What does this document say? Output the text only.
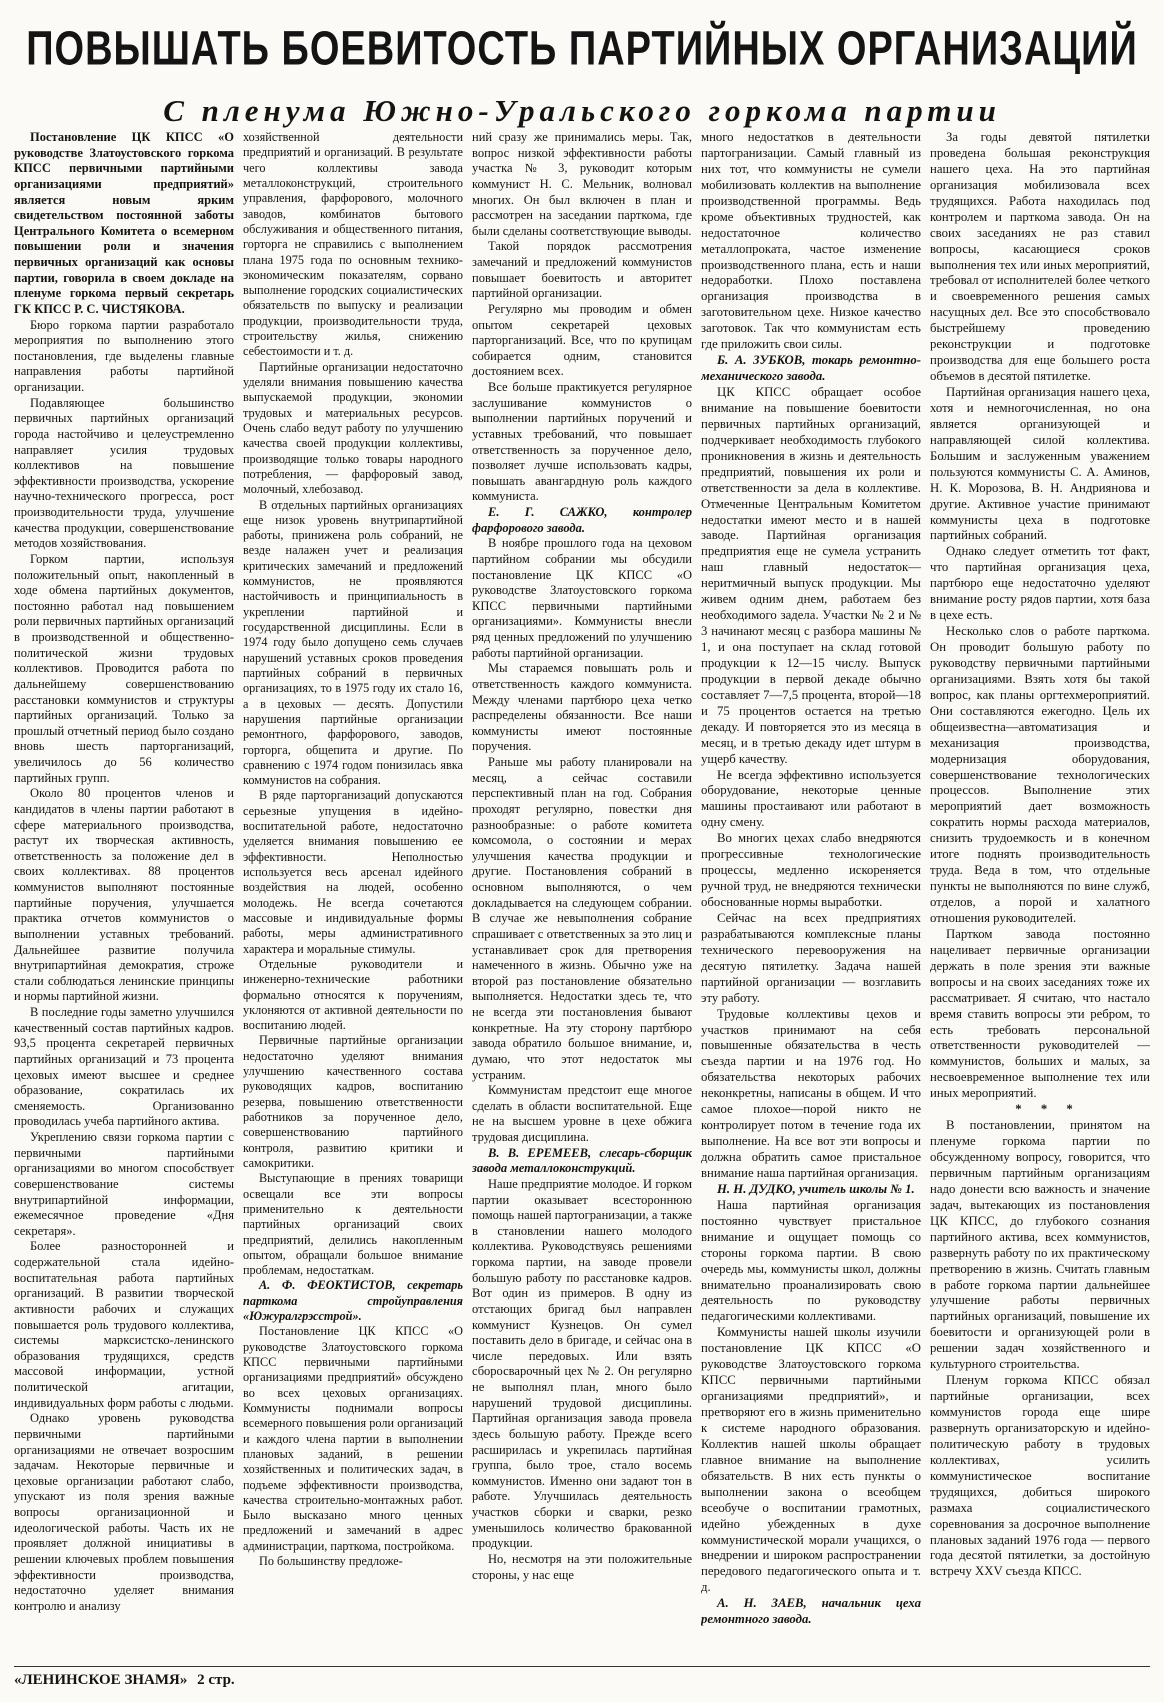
ПОВЫШАТЬ БОЕВИТОСТЬ ПАРТИЙНЫХ ОРГАНИЗАЦИЙ
С пленума Южно-Уральского горкома партии

Постановление ЦК КПСС «О руководстве Златоустовского горкома КПСС первичными партийными организациями предприятий» является новым ярким свидетельством постоянной заботы Центрального Комитета о всемерном повышении роли и значения первичных организаций как основы партии, говорила в своем докладе на пленуме горкома первый секретарь ГК КПСС Р. С. ЧИСТЯКОВА.

Бюро горкома партии разработало мероприятия по выполнению этого постановления, где выделены главные направления работы партийной организации.

Подавляющее большинство первичных партийных организаций города настойчиво и целеустремленно направляет усилия трудовых коллективов на повышение эффективности производства, ускорение научно-технического прогресса, рост производительности труда, улучшение качества продукции, совершенствование методов хозяйствования.

Горком партии, используя положительный опыт, накопленный в ходе обмена партийных документов, постоянно работал над повышением роли первичных партийных организаций в производственной и общественно-политической жизни трудовых коллективов. Проводится работа по дальнейшему совершенствованию расстановки коммунистов и структуры партийных организаций. Только за прошлый отчетный период было создано вновь шесть парторганизаций, увеличилось до 56 количество партийных групп.

Около 80 процентов членов и кандидатов в члены партии работают в сфере материального производства, растут их творческая активность, ответственность за положение дел в своих коллективах. 88 процентов коммунистов выполняют постоянные партийные поручения, улучшается практика отчетов коммунистов о выполнении уставных требований. Дальнейшее развитие получила внутрипартийная демократия, строже стали соблюдаться ленинские принципы и нормы партийной жизни.

В последние годы заметно улучшился качественный состав партийных кадров. 93,5 процента секретарей первичных партийных организаций и 73 процента цеховых имеют высшее и среднее образование, сократилась их сменяемость. Организованно проводилась учеба партийного актива.

Укреплению связи горкома партии с первичными партийными организациями во многом способствует совершенствование системы внутрипартийной информации, ежемесячное проведение «Дня секретаря».

Более разносторонней и содержательной стала идейно-воспитательная работа партийных организаций. В развитии творческой активности рабочих и служащих повышается роль трудового коллектива, системы марксистско-ленинского образования трудящихся, средств массовой информации, устной политической агитации, индивидуальных форм работы с людьми.

Однако уровень руководства первичными партийными организациями не отвечает возросшим задачам. Некоторые первичные и цеховые организации работают слабо, упускают из поля зрения важные вопросы организационной и идеологической работы. Часть их не проявляет должной инициативы в решении ключевых проблем повышения эффективности производства, недостаточно уделяет внимания контролю и анализу

хозяйственной деятельности предприятий и организаций. В результате чего коллективы завода металлоконструкций, строительного управления, фарфорового, молочного заводов, комбинатов бытового обслуживания и общественного питания, горторга не справились с выполнением плана 1975 года по основным технико-экономическим показателям, сорвано выполнение городских социалистических обязательств по выпуску и реализации продукции, производительности труда, строительству жилья, снижению себестоимости и т. д.

Партийные организации недостаточно уделяли внимания повышению качества выпускаемой продукции, экономии трудовых и материальных ресурсов. Очень слабо ведут работу по улучшению качества своей продукции коллективы, производящие только товары народного потребления, — фарфоровый завод, молочный, хлебозавод.

В отдельных партийных организациях еще низок уровень внутрипартийной работы, принижена роль собраний, не везде налажен учет и реализация критических замечаний и предложений коммунистов, не проявляются настойчивость и принципиальность в укреплении партийной и государственной дисциплины. Если в 1974 году было допущено семь случаев нарушений уставных сроков проведения партийных собраний в первичных организациях, то в 1975 году их стало 16, а в цеховых — десять. Допустили нарушения партийные организации ремонтного, фарфорового, заводов, горторга, общепита и другие. По сравнению с 1974 годом понизилась явка коммунистов на собрания.

В ряде парторганизаций допускаются серьезные упущения в идейно-воспитательной работе, недостаточно уделяется внимания повышению ее эффективности. Неполностью используется весь арсенал идейного воздействия на людей, особенно молодежь. Не всегда сочетаются массовые и индивидуальные формы работы, меры административного характера и моральные стимулы.

Отдельные руководители и инженерно-технические работники формально относятся к поручениям, уклоняются от активной деятельности по воспитанию людей.

Первичные партийные организации недостаточно уделяют внимания улучшению качественного состава руководящих кадров, воспитанию резерва, повышению ответственности работников за порученное дело, совершенствованию партийного контроля, развитию критики и самокритики.

Выступающие в прениях товарищи освещали все эти вопросы применительно к деятельности партийных организаций своих предприятий, делились накопленным опытом, обращали большое внимание проблемам, недостаткам.

А. Ф. ФЕОКТИСТОВ, секретарь парткома стройуправления «Южуралгрэсстрой».

Постановление ЦК КПСС «О руководстве Златоустовского горкома КПСС первичными партийными организациями предприятий» обсуждено во всех цеховых организациях. Коммунисты поднимали вопросы всемерного повышения роли организаций и каждого члена партии в выполнении плановых заданий, в решении хозяйственных и политических задач, в подъеме эффективности производства, качества строительно-монтажных работ. Было высказано много ценных предложений и замечаний в адрес администрации, парткома, постройкома.

По большинству предложе-

ний сразу же принимались меры. Так, вопрос низкой эффективности работы участка № 3, руководит которым коммунист Н. С. Мельник, волновал многих. Он был включен в план и рассмотрен на заседании парткома, где были сделаны соответствующие выводы.

Такой порядок рассмотрения замечаний и предложений коммунистов повышает боевитость и авторитет партийной организации.

Регулярно мы проводим и обмен опытом секретарей цеховых парторганизаций. Все, что по крупицам собирается одним, становится достоянием всех.

Все больше практикуется регулярное заслушивание коммунистов о выполнении партийных поручений и уставных требований, что повышает ответственность за порученное дело, позволяет лучше использовать кадры, повышать авангардную роль каждого коммуниста.

Е. Г. САЖКО, контролер фарфорового завода.

В ноябре прошлого года на цеховом партийном собрании мы обсудили постановление ЦК КПСС «О руководстве Златоустовского горкома КПСС первичными партийными организациями». Коммунисты внесли ряд ценных предложений по улучшению работы партийной организации.

Мы стараемся повышать роль и ответственность каждого коммуниста. Между членами партбюро цеха четко распределены обязанности. Все наши коммунисты имеют постоянные поручения.

Раньше мы работу планировали на месяц, а сейчас составили перспективный план на год. Собрания проходят регулярно, повестки дня разнообразные: о работе комитета комсомола, о состоянии и мерах улучшения качества продукции и другие. Постановления собраний в основном выполняются, о чем докладывается на следующем собрании. В случае же невыполнения собрание спрашивает с ответственных за это лиц и устанавливает срок для претворения намеченного в жизнь. Обычно уже на второй раз постановление обязательно выполняется. Недостатки здесь те, что не всегда эти постановления бывают конкретные. На эту сторону партбюро завода обратило большое внимание, и, думаю, что этот недостаток мы устраним.

Коммунистам предстоит еще многое сделать в области воспитательной. Еще не на высшем уровне в цехе обжига трудовая дисциплина.

В. В. ЕРЕМЕЕВ, слесарь-сборщик завода металлоконструкций.

Наше предприятие молодое. И горком партии оказывает всестороннюю помощь нашей партогранизации, а также в становлении нашего молодого коллектива. Руководствуясь решениями горкома партии, на заводе провели большую работу по расстановке кадров. Вот один из примеров. В одну из отстающих бригад был направлен коммунист Кузнецов. Он сумел поставить дело в бригаде, и сейчас она в числе передовых. Или взять сборосварочный цех № 2. Он регулярно не выполнял план, много было нарушений трудовой дисциплины. Партийная организация завода провела здесь большую работу. Прежде всего расширилась и укрепилась партийная группа, было трое, стало восемь коммунистов. Именно они задают тон в работе. Улучшилась деятельность участков сборки и сварки, резко уменьшилось количество бракованной продукции.

Но, несмотря на эти положительные стороны, у нас еще

много недостатков в деятельности партогранизации. Самый главный из них тот, что коммунисты не сумели мобилизовать коллектив на выполнение производственной программы. Ведь кроме объективных трудностей, как недостаточное количество металлопроката, частое изменение производственного плана, есть и наши недоработки. Плохо поставлена организация производства в заготовительном цехе. Низкое качество заготовок. Так что коммунистам есть где приложить свои силы.

Б. А. ЗУБКОВ, токарь ремонтно-механического завода.

ЦК КПСС обращает особое внимание на повышение боевитости первичных партийных организаций, подчеркивает необходимость глубокого проникновения в жизнь и деятельность предприятий, повышения их роли и ответственности за дела в коллективе. Отмеченные Центральным Комитетом недостатки имеют место и в нашей заводе. Партийная организация предприятия еще не сумела устранить наш главный недостаток—неритмичный выпуск продукции. Мы живем одним днем, работаем без необходимого задела. Участки № 2 и № 3 начинают месяц с разбора машины № 1, и она поступает на склад готовой продукции к 12—15 числу. Выпуск продукции в первой декаде обычно составляет 7—7,5 процента, второй—18 и 75 процентов остается на третью декаду. И повторяется это из месяца в месяц, и в третью декаду идет штурм в ущерб качеству.

Не всегда эффективно используется оборудование, некоторые ценные машины простаивают или работают в одну смену.

Во многих цехах слабо внедряются прогрессивные технологические процессы, медленно искореняется ручной труд, не внедряются технически обоснованные нормы выработки.

Сейчас на всех предприятиях разрабатываются комплексные планы технического перевооружения на десятую пятилетку. Задача нашей партийной организации — возглавить эту работу.

Трудовые коллективы цехов и участков принимают на себя повышенные обязательства в честь съезда партии и на 1976 год. Но обязательства некоторых рабочих неконкретны, написаны в общем. И что самое плохое—порой никто не контролирует потом в течение года их выполнение. На все вот эти вопросы и должна обратить самое пристальное внимание наша партийная организация.

Н. Н. ДУДКО, учитель школы № 1.

Наша партийная организация постоянно чувствует пристальное внимание и ощущает помощь со стороны горкома партии. В свою очередь мы, коммунисты школ, должны внимательно проанализировать свою деятельность по руководству педагогическими коллективами.

Коммунисты нашей школы изучили постановление ЦК КПСС «О руководстве Златоустовского горкома КПСС первичными партийными организациями предприятий», и претворяют его в жизнь применительно к системе народного образования. Коллектив нашей школы обращает главное внимание на выполнение обязательств. В них есть пункты о выполнении закона о всеобщем всеобуче о воспитании грамотных, идейно убежденных в духе коммунистической морали учащихся, о внедрении и широком распространении передового педагогического опыта и т. д.

А. Н. ЗАЕВ, начальник цеха ремонтного завода.

За годы девятой пятилетки проведена большая реконструкция нашего цеха. На это партийная организация мобилизовала всех трудящихся. Работа находилась под контролем и парткома завода. Он на своих заседаниях не раз ставил вопросы, касающиеся сроков выполнения тех или иных мероприятий, требовал от исполнителей более четкого и своевременного решения самых насущных дел. Все это способствовало быстрейшему проведению реконструкции и подготовке производства для еще большего роста объемов в десятой пятилетке.

Партийная организация нашего цеха, хотя и немногочисленная, но она является организующей и направляющей силой коллектива. Большим и заслуженным уважением пользуются коммунисты С. А. Аминов, Н. К. Морозова, В. Н. Андриянова и другие. Активное участие принимают коммунисты цеха в подготовке партийных собраний.

Однако следует отметить тот факт, что партийная организация цеха, партбюро еще недостаточно уделяют внимание росту рядов партии, хотя база в цехе есть.

Несколько слов о работе парткома. Он проводит большую работу по руководству первичными партийными организациями. Взять хотя бы такой вопрос, как планы оргтехмероприятий. Они составляются ежегодно. Цель их общеизвестна—автоматизация и механизация производства, модернизация оборудования, совершенствование технологических процессов. Выполнение этих мероприятий дает возможность сократить нормы расхода материалов, снизить трудоемкость и в конечном итоге поднять производительность труда. Веда в том, что отдельные пункты не выполняются по вине служб, отделов, а порой и халатного отношения руководителей.

Партком завода постоянно нацеливает первичные организации держать в поле зрения эти важные вопросы и на своих заседаниях тоже их рассматривает. Я считаю, что настало время ставить вопросы эти ребром, то есть требовать персональной ответственности руководителей — коммунистов, больших и малых, за несвоевременное выполнение тех или иных мероприятий.

* * *

В постановлении, принятом на пленуме горкома партии по обсужденному вопросу, говорится, что первичным партийным организациям надо донести всю важность и значение задач, вытекающих из постановления ЦК КПСС, до глубокого сознания партийного актива, всех коммунистов, развернуть работу по их практическому претворению в жизнь. Считать главным в работе горкома партии дальнейшее улучшение работы первичных партийных организаций, повышение их боевитости и организующей роли в решении задач хозяйственного и культурного строительства.

Пленум горкома КПСС обязал партийные организации, всех коммунистов города еще шире развернуть организаторскую и идейно-политическую работу в трудовых коллективах, усилить коммунистическое воспитание трудящихся, добиться широкого размаха социалистического соревнования за досрочное выполнение плановых заданий 1976 года — первого года десятой пятилетки, за достойную встречу XXV съезда КПСС.

«ЛЕНИНСКОЕ ЗНАМЯ» 2 стр.
